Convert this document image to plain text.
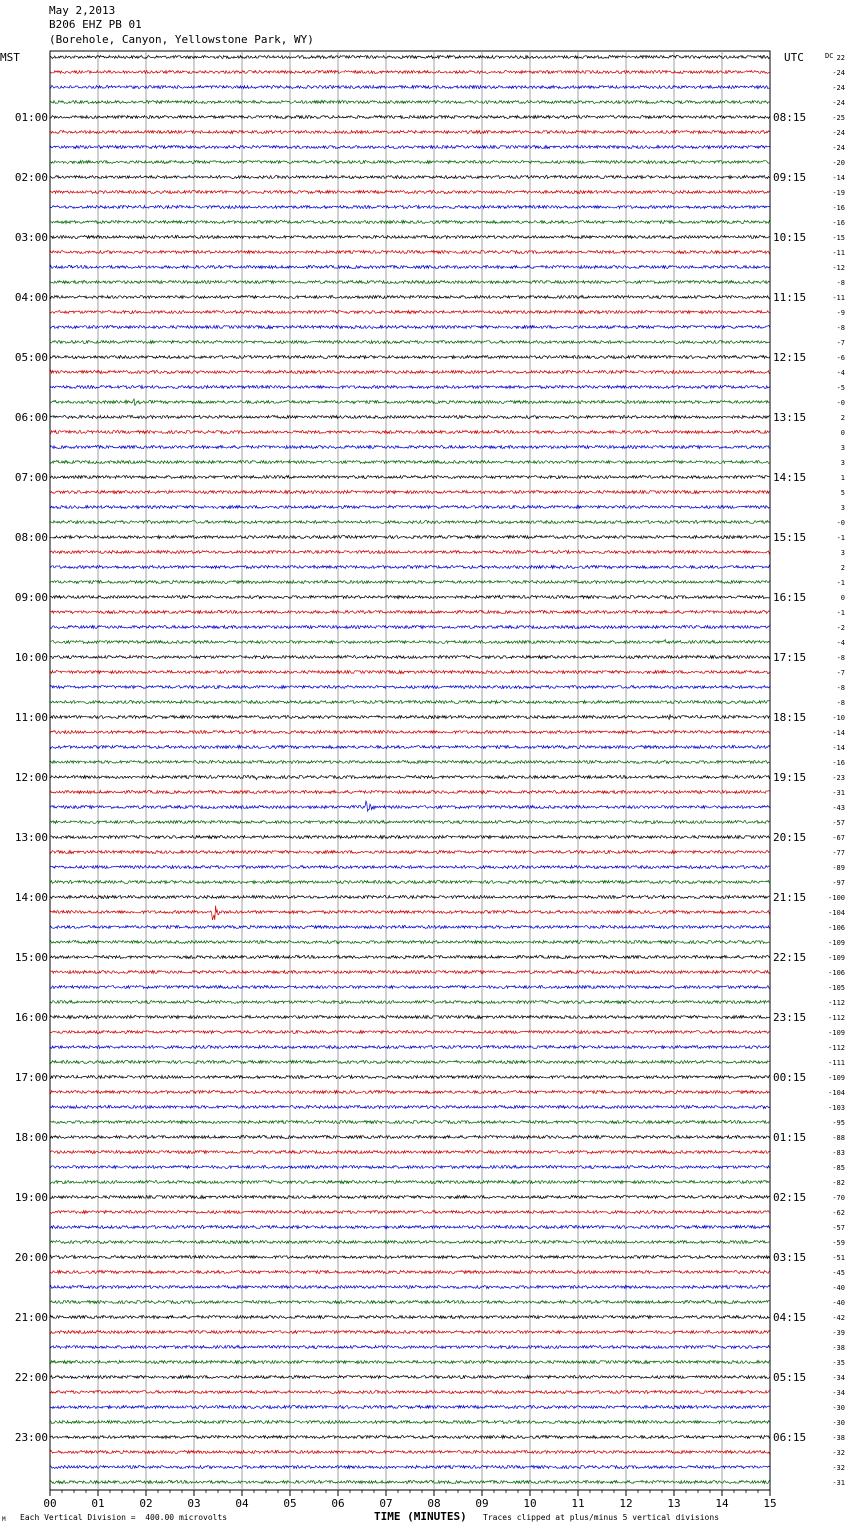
May 2,2013
B206 EHZ PB 01
(Borehole, Canyon, Yellowstone Park, WY)
MST	UTC	DC
00	01	02	03	04	05	06	07	08	09	10	11	12	13	14	15
22
-24
-24
-24
-25
-24
-24
-20
-14
-19
-16
-16
-15
-11
-12
-8
-11
-9
-8
-7
-6
-4
-5
-0
2
0
3
3
1
5
3
-0
-1
3
2
-1
0
-1
-2
-4
-8
-7
-8
-8
-10
-14
-14
-16
-23
-31
-43
-57
-67
-77
-89
-97
-100
-104
-106
-109
-109
-106
-105
-112
-112
-109
-112
-111
-109
-104
-103
-95
-88
-83
-85
-82
-70
-62
-57
-59
-51
-45
-40
-40
-42
-39
-38
-35
-34
-34
-30
-30
-38
-32
-32
-31
01:00	08:15
02:00	09:15
03:00	10:15
04:00	11:15
05:00	12:15
06:00	13:15
07:00	14:15
08:00	15:15
09:00	16:15
10:00	17:15
11:00	18:15
12:00	19:15
13:00	20:15
14:00	21:15
15:00	22:15
16:00	23:15
17:00	00:15
18:00	01:15
19:00	02:15
20:00	03:15
21:00	04:15
22:00	05:15
23:00	06:15
TIME (MINUTES)
Each Vertical Division =  400.00 microvolts	Traces clipped at plus/minus 5 vertical divisions
M
